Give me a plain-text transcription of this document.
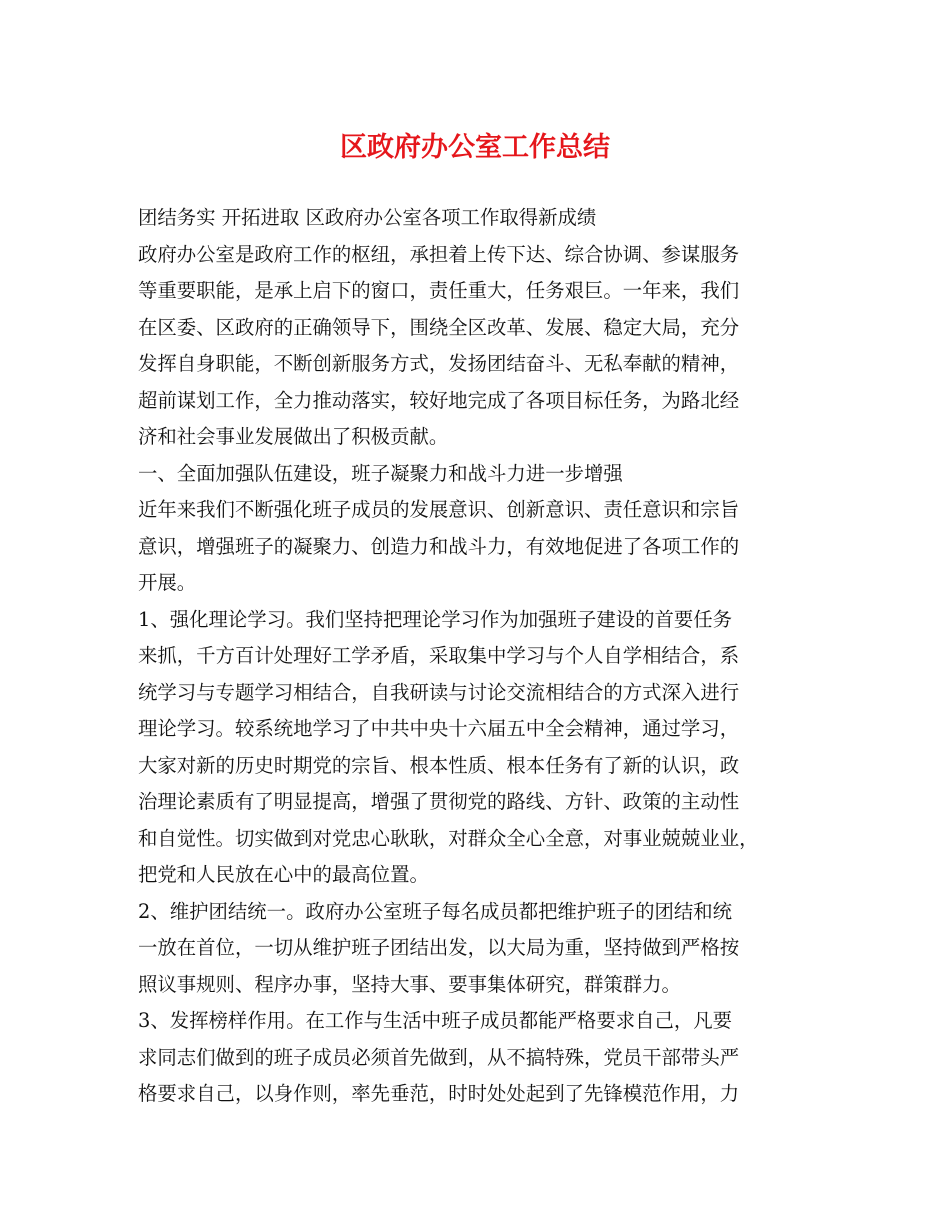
区政府办公室工作总结
团结务实 开拓进取 区政府办公室各项工作取得新成绩
政府办公室是政府工作的枢纽，承担着上传下达、综合协调、参谋服务
等重要职能，是承上启下的窗口，责任重大，任务艰巨。一年来，我们
在区委、区政府的正确领导下，围绕全区改革、发展、稳定大局，充分
发挥自身职能，不断创新服务方式，发扬团结奋斗、无私奉献的精神，
超前谋划工作，全力推动落实，较好地完成了各项目标任务，为路北经
济和社会事业发展做出了积极贡献。
一、全面加强队伍建设，班子凝聚力和战斗力进一步增强
近年来我们不断强化班子成员的发展意识、创新意识、责任意识和宗旨
意识，增强班子的凝聚力、创造力和战斗力，有效地促进了各项工作的
开展。
1、强化理论学习。我们坚持把理论学习作为加强班子建设的首要任务
来抓，千方百计处理好工学矛盾，采取集中学习与个人自学相结合，系
统学习与专题学习相结合，自我研读与讨论交流相结合的方式深入进行
理论学习。较系统地学习了中共中央十六届五中全会精神，通过学习，
大家对新的历史时期党的宗旨、根本性质、根本任务有了新的认识，政
治理论素质有了明显提高，增强了贯彻党的路线、方针、政策的主动性
和自觉性。切实做到对党忠心耿耿，对群众全心全意，对事业兢兢业业，
把党和人民放在心中的最高位置。
2、维护团结统一。政府办公室班子每名成员都把维护班子的团结和统
一放在首位，一切从维护班子团结出发，以大局为重，坚持做到严格按
照议事规则、程序办事，坚持大事、要事集体研究，群策群力。
3、发挥榜样作用。在工作与生活中班子成员都能严格要求自己，凡要
求同志们做到的班子成员必须首先做到，从不搞特殊，党员干部带头严
格要求自己，以身作则，率先垂范，时时处处起到了先锋模范作用，力
